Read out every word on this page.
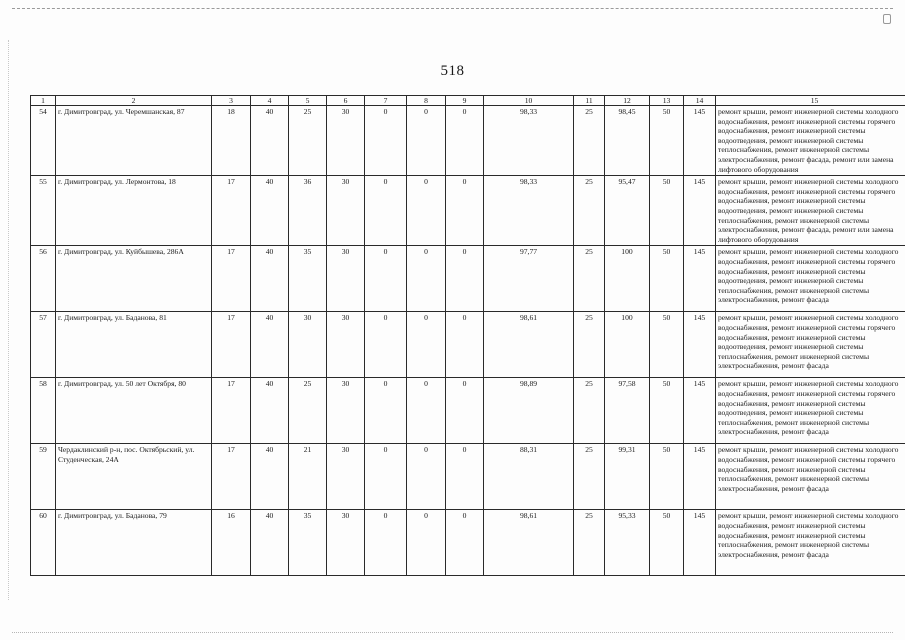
518
1	2	3	4	5	6	7	8	9	10	11	12	13	14	15
54	г. Димитровград, ул. Черемшанская, 87	18	40	25	30	0	0	0	98,33	25	98,45	50	145	ремонт крыши, ремонт инженерной системы холодного водоснабжения, ремонт инженерной системы горячего водоснабжения, ремонт инженерной системы водоотведения, ремонт инженерной системы теплоснабжения, ремонт инженерной системы электроснабжения, ремонт фасада, ремонт или замена лифтового оборудования
55	г. Димитровград, ул. Лермонтова, 18	17	40	36	30	0	0	0	98,33	25	95,47	50	145	ремонт крыши, ремонт инженерной системы холодного водоснабжения, ремонт инженерной системы горячего водоснабжения, ремонт инженерной системы водоотведения, ремонт инженерной системы теплоснабжения, ремонт инженерной системы электроснабжения, ремонт фасада, ремонт или замена лифтового оборудования
56	г. Димитровград, ул. Куйбышева, 286А	17	40	35	30	0	0	0	97,77	25	100	50	145	ремонт крыши, ремонт инженерной системы холодного водоснабжения, ремонт инженерной системы горячего водоснабжения, ремонт инженерной системы водоотведения, ремонт инженерной системы теплоснабжения, ремонт инженерной системы электроснабжения, ремонт фасада
57	г. Димитровград, ул. Баданова, 81	17	40	30	30	0	0	0	98,61	25	100	50	145	ремонт крыши, ремонт инженерной системы холодного водоснабжения, ремонт инженерной системы горячего водоснабжения, ремонт инженерной системы водоотведения, ремонт инженерной системы теплоснабжения, ремонт инженерной системы электроснабжения, ремонт фасада
58	г. Димитровград, ул. 50 лет Октября, 80	17	40	25	30	0	0	0	98,89	25	97,58	50	145	ремонт крыши, ремонт инженерной системы холодного водоснабжения, ремонт инженерной системы горячего водоснабжения, ремонт инженерной системы водоотведения, ремонт инженерной системы теплоснабжения, ремонт инженерной системы электроснабжения, ремонт фасада
59	Чердаклинский р-н, пос. Октябрьский, ул. Студенческая, 24А	17	40	21	30	0	0	0	88,31	25	99,31	50	145	ремонт крыши, ремонт инженерной системы холодного водоснабжения, ремонт инженерной системы горячего водоснабжения, ремонт инженерной системы теплоснабжения, ремонт инженерной системы электроснабжения, ремонт фасада
60	г. Димитровград, ул. Баданова, 79	16	40	35	30	0	0	0	98,61	25	95,33	50	145	ремонт крыши, ремонт инженерной системы холодного водоснабжения, ремонт инженерной системы водоснабжения, ремонт инженерной системы теплоснабжения, ремонт инженерной системы электроснабжения, ремонт фасада
